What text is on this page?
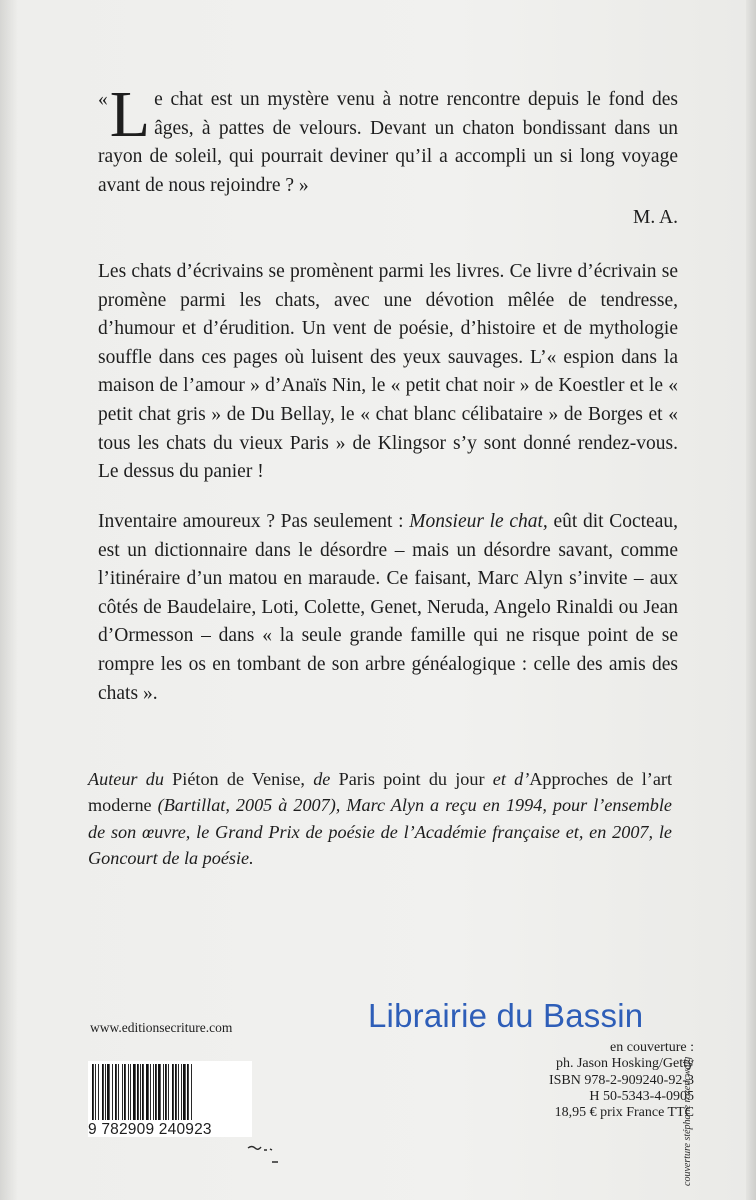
« L e chat est un mystère venu à notre rencontre depuis le fond des âges, à pattes de velours. Devant un chaton bondissant dans un rayon de soleil, qui pourrait deviner qu’il a accompli un si long voyage avant de nous rejoindre ? »
M. A.
Les chats d’écrivains se promènent parmi les livres. Ce livre d’écrivain se promène parmi les chats, avec une dévotion mêlée de tendresse, d’humour et d’érudition. Un vent de poésie, d’histoire et de mythologie souffle dans ces pages où luisent des yeux sauvages. L’« espion dans la maison de l’amour » d’Anaïs Nin, le « petit chat noir » de Koestler et le « petit chat gris » de Du Bellay, le « chat blanc célibataire » de Borges et « tous les chats du vieux Paris » de Klingsor s’y sont donné rendez-vous. Le dessus du panier !
Inventaire amoureux ? Pas seulement : Monsieur le chat, eût dit Cocteau, est un dictionnaire dans le désordre – mais un désordre savant, comme l’itinéraire d’un matou en maraude. Ce faisant, Marc Alyn s’invite – aux côtés de Baudelaire, Loti, Colette, Genet, Neruda, Angelo Rinaldi ou Jean d’Ormesson – dans « la seule grande famille qui ne risque point de se rompre les os en tombant de son arbre généalogique : celle des amis des chats ».
Auteur du Piéton de Venise, de Paris point du jour et d’Approches de l’art moderne (Bartillat, 2005 à 2007), Marc Alyn a reçu en 1994, pour l’ensemble de son œuvre, le Grand Prix de poésie de l’Académie française et, en 2007, le Goncourt de la poésie.
www.editionsecriture.com	Librairie du Bassin
en couverture :
ph. Jason Hosking/Getty
ISBN 978-2-909240-92-3
H 50-5343-4-0905
18,95 € prix France TTC
couverture stéphane rozencwajg
9 782909 240923
